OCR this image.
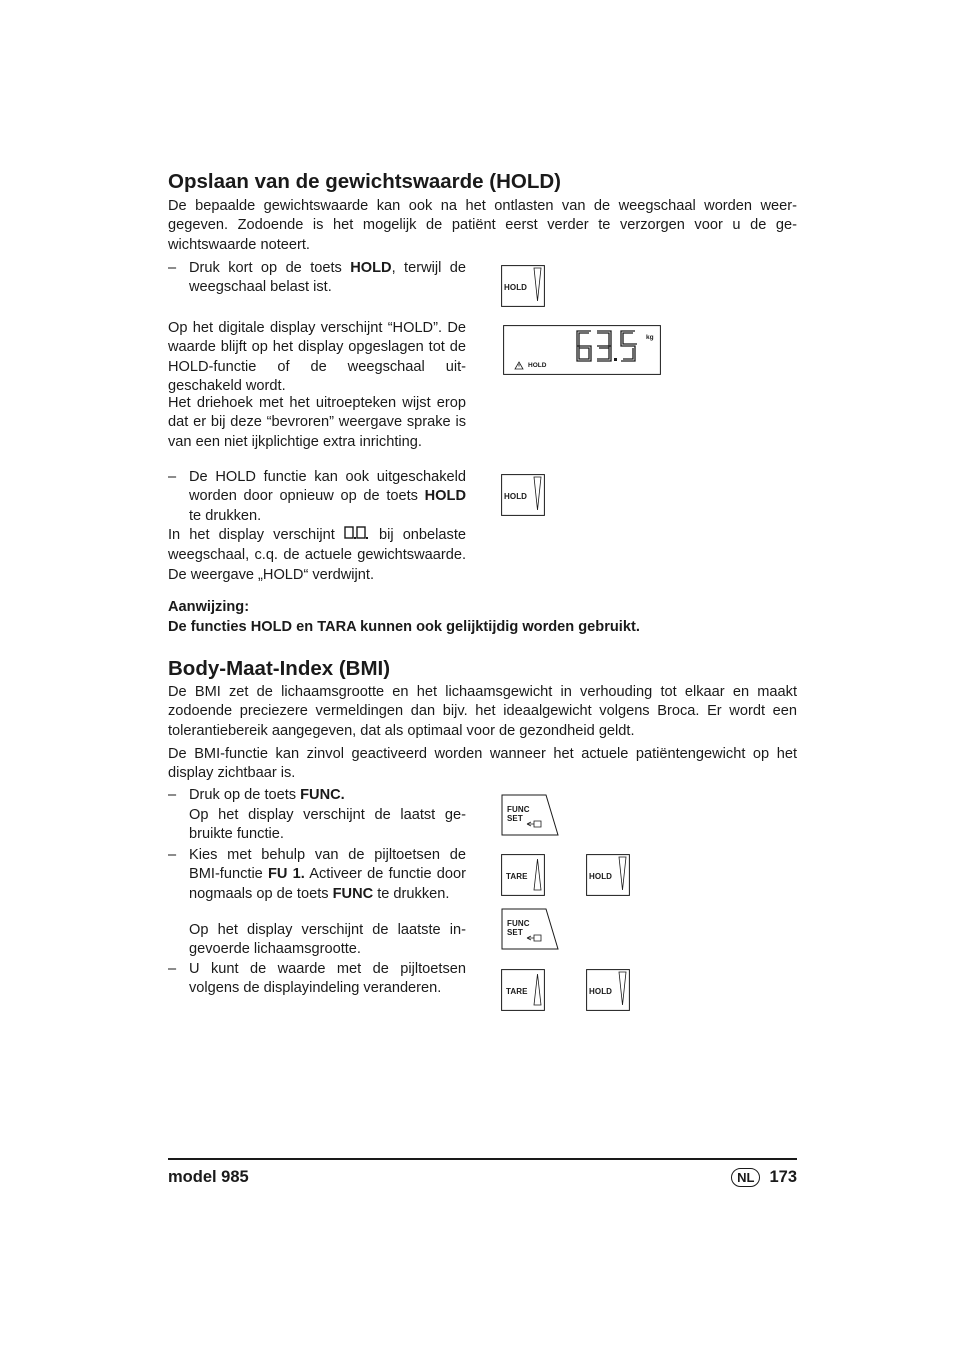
Opslaan van de gewichtswaarde (HOLD)
De bepaalde gewichtswaarde kan ook na het ontlasten van de weegschaal worden weergegeven. Zodoende is het mogelijk de patiënt eerst verder te verzorgen voor u de gewichtswaarde noteert.
– Druk kort op de toets HOLD, terwijl de weegschaal belast ist.
Op het digitale display verschijnt “HOLD”. De waarde blijft op het display opgeslagen tot de HOLD-functie of de weegschaal uitgeschakeld wordt.
Het driehoek met het uitroepteken wijst erop dat er bij deze “bevroren” weergave sprake is van een niet ijkplichtige extra inrichting.
– De HOLD functie kan ook uitgeschakeld worden door opnieuw op de toets HOLD te drukken.
In het display verschijnt  bij onbelaste weegschaal, c.q. de actuele gewichtswaarde. De weergave „HOLD“ verdwijnt.
HOLD
kg
HOLD
HOLD
Aanwijzing:
De functies HOLD en TARA kunnen ook gelijktijdig worden gebruikt.
Body-Maat-Index (BMI)
De BMI zet de lichaamsgrootte en het lichaamsgewicht in verhouding tot elkaar en maakt zodoende preciezere vermeldingen dan bijv. het ideaalgewicht volgens Broca. Er wordt een tolerantiebereik aangegeven, dat als optimaal voor de gezondheid geldt.
De BMI-functie kan zinvol geactiveerd worden wanneer het actuele patiëntengewicht op het display zichtbaar is.
– Druk op de toets FUNC.
Op het display verschijnt de laatst gebruikte functie.
– Kies met behulp van de pijltoetsen de BMI-functie FU 1. Activeer de functie door nogmaals op de toets FUNC te drukken.
Op het display verschijnt de laatste ingevoerde lichaamsgrootte.
– U kunt de waarde met de pijltoetsen volgens de displayindeling veranderen.
FUNC
SET
TARE	HOLD
FUNC
SET
TARE	HOLD
model 985	NL 173
